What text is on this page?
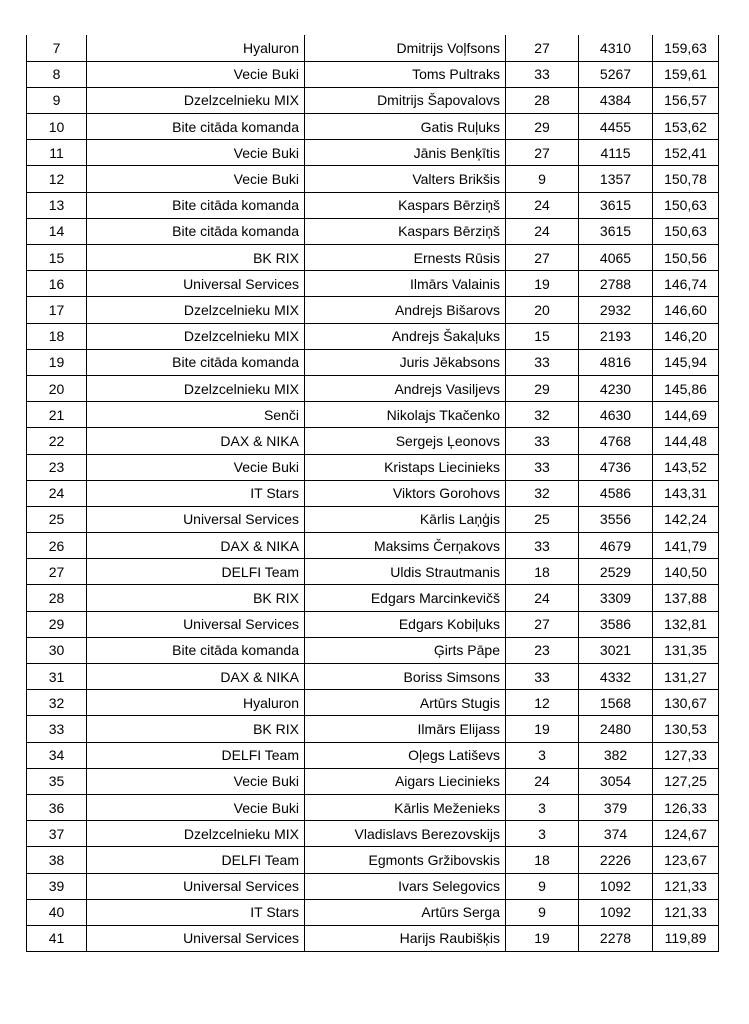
7	Hyaluron	Dmitrijs Voļfsons	27	4310	159,63
8	Vecie Buki	Toms Pultraks	33	5267	159,61
9	Dzelzcelnieku MIX	Dmitrijs Šapovalovs	28	4384	156,57
10	Bite citāda komanda	Gatis Ruļuks	29	4455	153,62
11	Vecie Buki	Jānis Benķītis	27	4115	152,41
12	Vecie Buki	Valters Brikšis	9	1357	150,78
13	Bite citāda komanda	Kaspars Bērziņš	24	3615	150,63
14	Bite citāda komanda	Kaspars Bērziņš	24	3615	150,63
15	BK RIX	Ernests Rūsis	27	4065	150,56
16	Universal Services	Ilmārs Valainis	19	2788	146,74
17	Dzelzcelnieku MIX	Andrejs Bišarovs	20	2932	146,60
18	Dzelzcelnieku MIX	Andrejs Šakaļuks	15	2193	146,20
19	Bite citāda komanda	Juris Jēkabsons	33	4816	145,94
20	Dzelzcelnieku MIX	Andrejs Vasiljevs	29	4230	145,86
21	Senči	Nikolajs Tkačenko	32	4630	144,69
22	DAX & NIKA	Sergejs Ļeonovs	33	4768	144,48
23	Vecie Buki	Kristaps Liecinieks	33	4736	143,52
24	IT Stars	Viktors Gorohovs	32	4586	143,31
25	Universal Services	Kārlis Laņģis	25	3556	142,24
26	DAX & NIKA	Maksims Čerņakovs	33	4679	141,79
27	DELFI Team	Uldis Strautmanis	18	2529	140,50
28	BK RIX	Edgars Marcinkevičš	24	3309	137,88
29	Universal Services	Edgars Kobiļuks	27	3586	132,81
30	Bite citāda komanda	Ģirts Pāpe	23	3021	131,35
31	DAX & NIKA	Boriss Simsons	33	4332	131,27
32	Hyaluron	Artūrs Stugis	12	1568	130,67
33	BK RIX	Ilmārs Elijass	19	2480	130,53
34	DELFI Team	Oļegs Latiševs	3	382	127,33
35	Vecie Buki	Aigars Liecinieks	24	3054	127,25
36	Vecie Buki	Kārlis Meženieks	3	379	126,33
37	Dzelzcelnieku MIX	Vladislavs Berezovskijs	3	374	124,67
38	DELFI Team	Egmonts Gržibovskis	18	2226	123,67
39	Universal Services	Ivars Selegovics	9	1092	121,33
40	IT Stars	Artūrs Serga	9	1092	121,33
41	Universal Services	Harijs Raubišķis	19	2278	119,89
